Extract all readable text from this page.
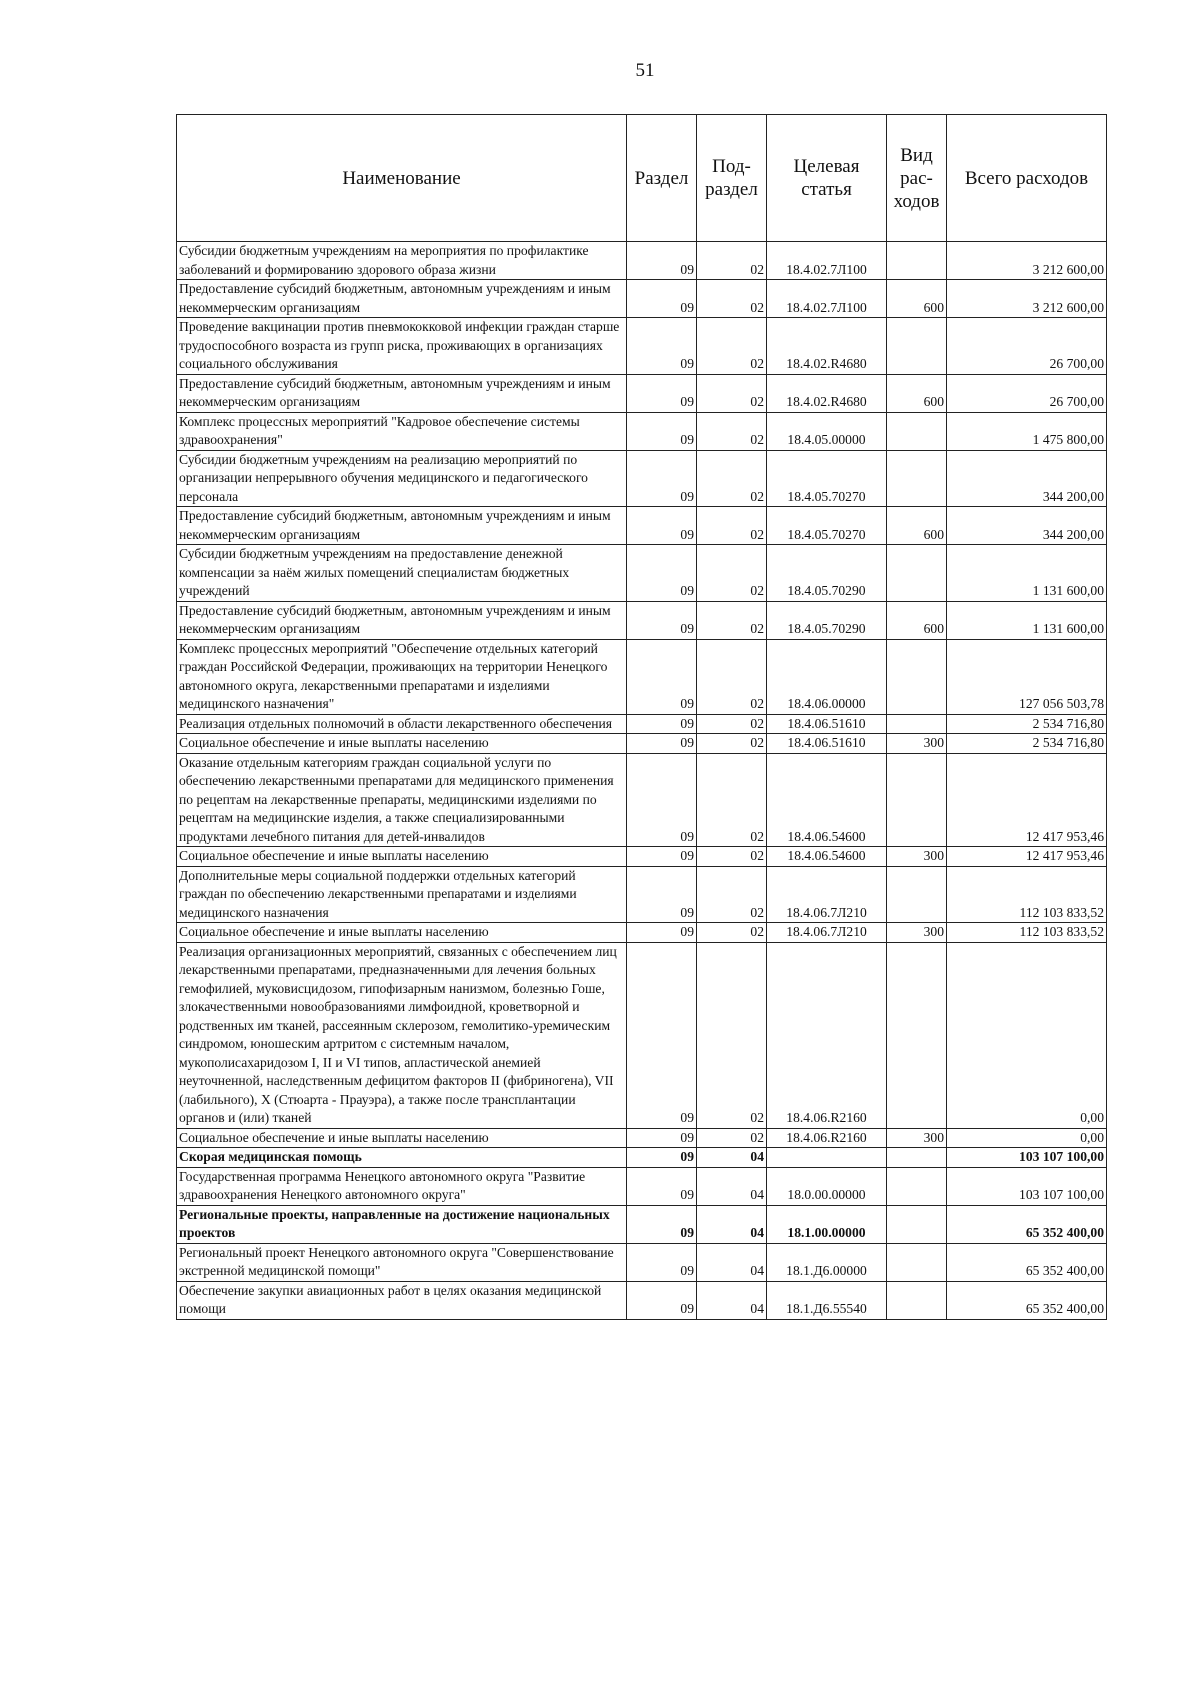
51
Наименование	Раздел	Под-раздел	Целевая статья	Вид рас-ходов	Всего расходов
Субсидии бюджетным учреждениям на мероприятия по профилактике заболеваний и формированию здорового образа жизни	09	02	18.4.02.7Л100		3 212 600,00
Предоставление субсидий бюджетным, автономным учреждениям и иным некоммерческим организациям	09	02	18.4.02.7Л100	600	3 212 600,00
Проведение вакцинации против пневмококковой инфекции граждан старше трудоспособного возраста из групп риска, проживающих в организациях социального обслуживания	09	02	18.4.02.R4680		26 700,00
Предоставление субсидий бюджетным, автономным учреждениям и иным некоммерческим организациям	09	02	18.4.02.R4680	600	26 700,00
Комплекс процессных мероприятий "Кадровое обеспечение системы здравоохранения"	09	02	18.4.05.00000		1 475 800,00
Субсидии бюджетным учреждениям на реализацию мероприятий по организации непрерывного обучения медицинского и педагогического персонала	09	02	18.4.05.70270		344 200,00
Предоставление субсидий бюджетным, автономным учреждениям и иным некоммерческим организациям	09	02	18.4.05.70270	600	344 200,00
Субсидии бюджетным учреждениям на предоставление денежной компенсации за наём жилых помещений специалистам бюджетных учреждений	09	02	18.4.05.70290		1 131 600,00
Предоставление субсидий бюджетным, автономным учреждениям и иным некоммерческим организациям	09	02	18.4.05.70290	600	1 131 600,00
Комплекс процессных мероприятий "Обеспечение отдельных категорий граждан Российской Федерации, проживающих на территории Ненецкого автономного округа, лекарственными препаратами и изделиями медицинского назначения"	09	02	18.4.06.00000		127 056 503,78
Реализация отдельных полномочий в области лекарственного обеспечения	09	02	18.4.06.51610		2 534 716,80
Социальное обеспечение и иные выплаты населению	09	02	18.4.06.51610	300	2 534 716,80
Оказание отдельным категориям граждан социальной услуги по обеспечению лекарственными препаратами для медицинского применения по рецептам на лекарственные препараты, медицинскими изделиями по рецептам на медицинские изделия, а также специализированными продуктами лечебного питания для детей-инвалидов	09	02	18.4.06.54600		12 417 953,46
Социальное обеспечение и иные выплаты населению	09	02	18.4.06.54600	300	12 417 953,46
Дополнительные меры социальной поддержки отдельных категорий граждан по обеспечению лекарственными препаратами и изделиями медицинского назначения	09	02	18.4.06.7Л210		112 103 833,52
Социальное обеспечение и иные выплаты населению	09	02	18.4.06.7Л210	300	112 103 833,52
Реализация организационных мероприятий, связанных с обеспечением лиц лекарственными препаратами, предназначенными для лечения больных гемофилией, муковисцидозом, гипофизарным нанизмом, болезнью Гоше, злокачественными новообразованиями лимфоидной, кроветворной и родственных им тканей, рассеянным склерозом, гемолитико-уремическим синдромом, юношеским артритом с системным началом, мукополисахаридозом I, II и VI типов, апластической анемией неуточненной, наследственным дефицитом факторов II (фибриногена), VII (лабильного), X (Стюарта - Прауэра), а также после трансплантации органов и (или) тканей	09	02	18.4.06.R2160		0,00
Социальное обеспечение и иные выплаты населению	09	02	18.4.06.R2160	300	0,00
Скорая медицинская помощь	09	04			103 107 100,00
Государственная программа Ненецкого автономного округа "Развитие здравоохранения Ненецкого автономного округа"	09	04	18.0.00.00000		103 107 100,00
Региональные проекты, направленные на достижение национальных проектов	09	04	18.1.00.00000		65 352 400,00
Региональный проект Ненецкого автономного округа "Совершенствование экстренной медицинской помощи"	09	04	18.1.Д6.00000		65 352 400,00
Обеспечение закупки авиационных работ в целях оказания медицинской помощи	09	04	18.1.Д6.55540		65 352 400,00
